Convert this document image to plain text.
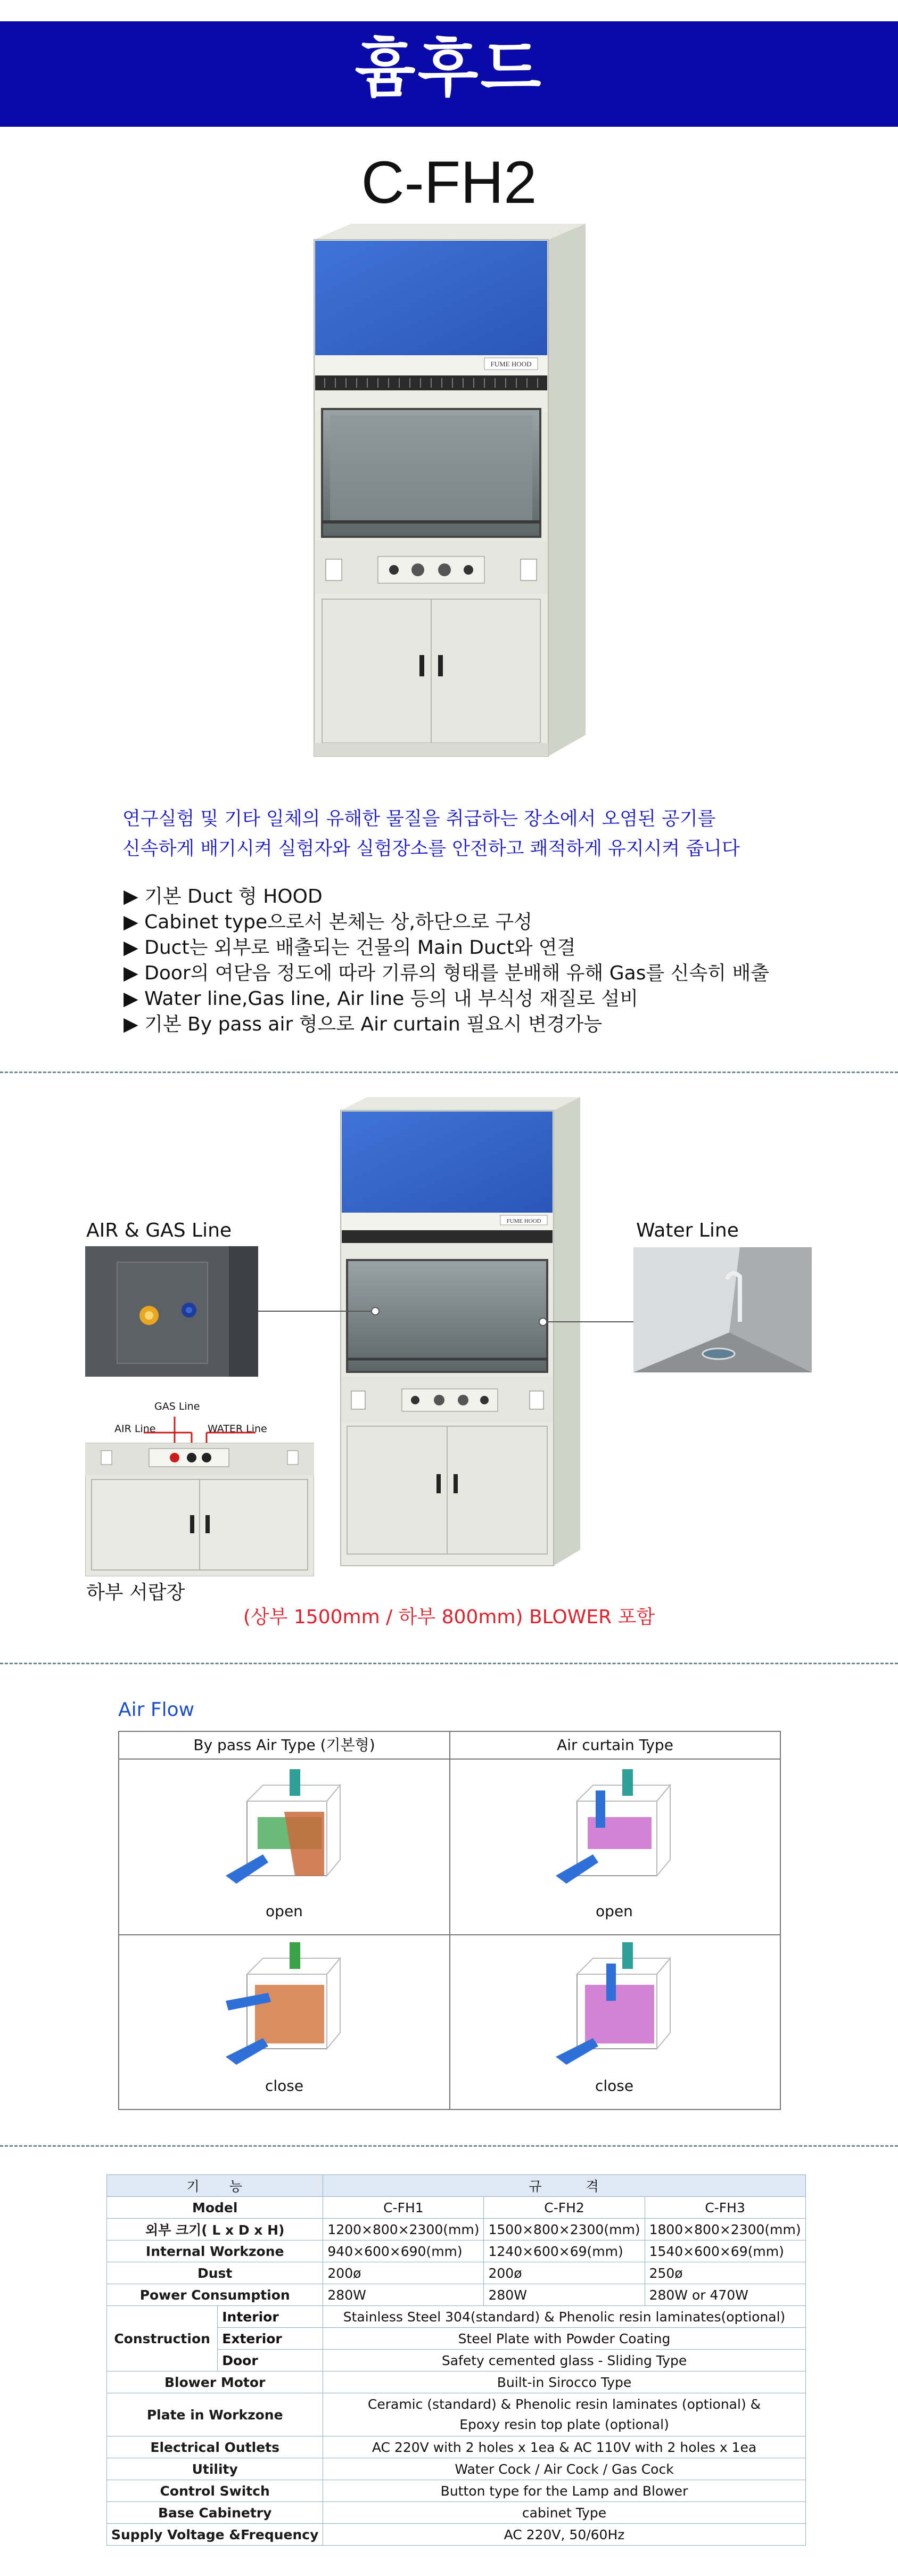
흄후드
C-FH2
FUME HOOD
연구실험 및 기타 일체의 유해한 물질을 취급하는 장소에서 오염된 공기를
신속하게 배기시켜 실험자와 실험장소를 안전하고 쾌적하게 유지시켜 줍니다
▶ 기본 Duct 형 HOOD
▶ Cabinet type으로서 본체는 상,하단으로 구성
▶ Duct는 외부로 배출되는 건물의 Main Duct와 연결
▶ Door의 여닫음 정도에 따라 기류의 형태를 분배해 유해 Gas를 신속히 배출
▶ Water line,Gas line, Air line 등의 내 부식성 재질로 설비
▶ 기본 By pass air 형으로 Air curtain 필요시 변경가능
FUME HOOD
AIR & GAS Line	Water Line
GAS Line
AIR Line	WATER Line
하부 서랍장
(상부 1500mm / 하부 800mm) BLOWER 포함
Air Flow
By pass Air Type (기본형)	Air curtain Type
open	open
close	close
기　　능		규　　　격		
Model		C-FH1	C-FH2	C-FH3
외부 크기( L x D x H)		1200×800×2300(mm)	1500×800×2300(mm)	1800×800×2300(mm)
Internal Workzone		940×600×690(mm)	1240×600×69(mm)	1540×600×69(mm)
Dust		200ø	200ø	250ø
Power Consumption		280W	280W	280W or 470W
Construction	Interior	Stainless Steel 304(standard) & Phenolic resin laminates(optional)		
	Exterior	Steel Plate with Powder Coating		
	Door	Safety cemented glass - Sliding Type		
Blower Motor		Built-in Sirocco Type		
Plate in Workzone		Ceramic (standard) & Phenolic resin laminates (optional) &
Epoxy resin top plate (optional)		

Electrical Outlets		AC 220V with 2 holes x 1ea & AC 110V with 2 holes x 1ea		
Utility		Water Cock / Air Cock / Gas Cock		
Control Switch		Button type for the Lamp and Blower		
Base Cabinetry		cabinet Type		
Supply Voltage &Frequency		AC 220V, 50/60Hz		
